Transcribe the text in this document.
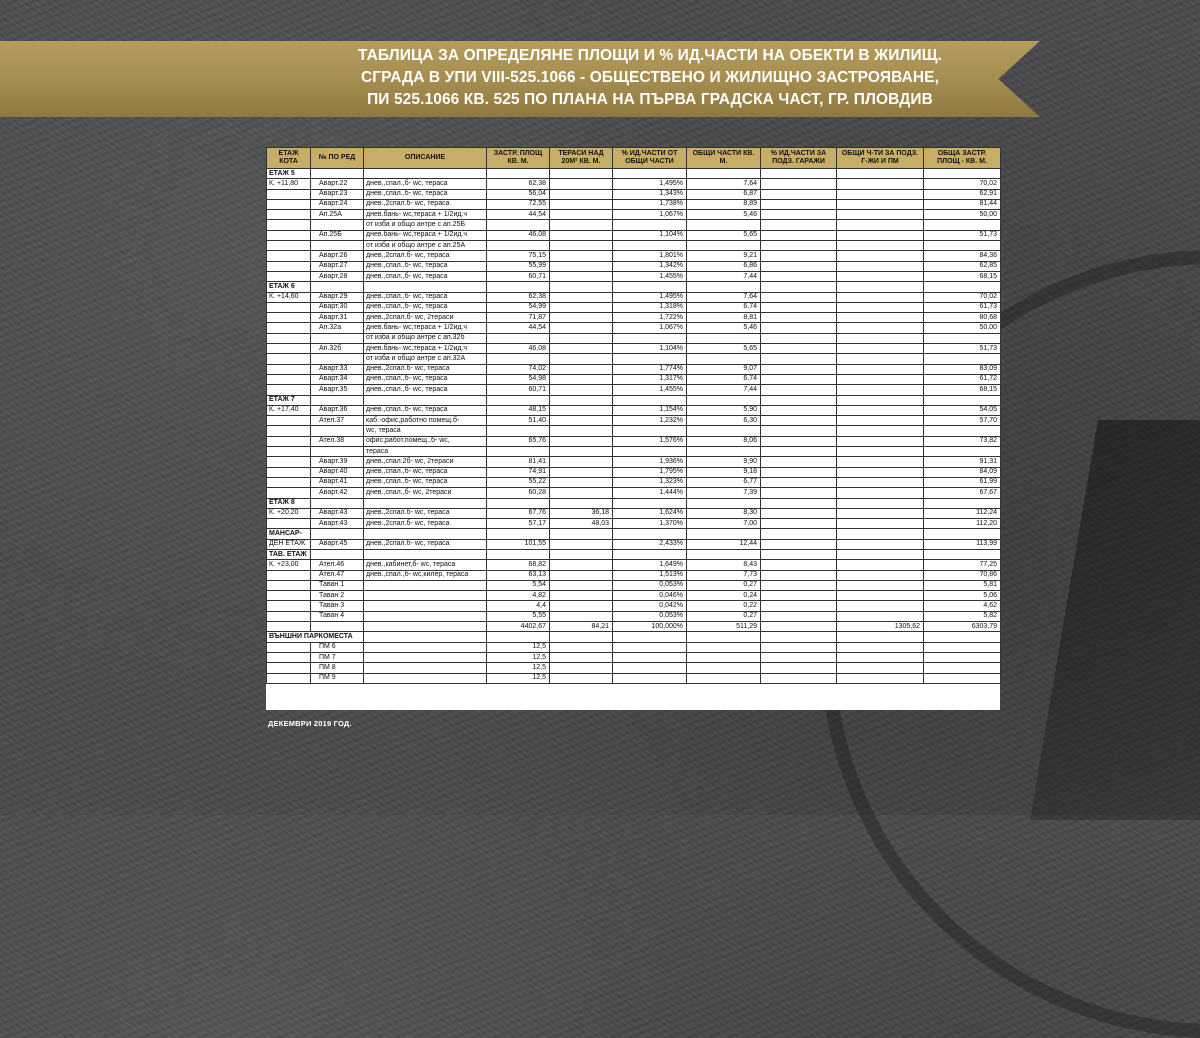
ТАБЛИЦА ЗА ОПРЕДЕЛЯНЕ ПЛОЩИ И % ИД.ЧАСТИ НА ОБЕКТИ В ЖИЛИЩ.
СГРАДА В УПИ VIII-525.1066 - ОБЩЕСТВЕНО И ЖИЛИЩНО ЗАСТРОЯВАНЕ,
ПИ 525.1066 КВ. 525 ПО ПЛАНА НА ПЪРВА ГРАДСКА ЧАСТ, ГР. ПЛОВДИВ
ЕТАЖ КОТА	№ ПО РЕД	ОПИСАНИЕ	ЗАСТР. ПЛОЩ КВ. М.	ТЕРАСИ НАД 20М² КВ. М.	% ИД.ЧАСТИ ОТ ОБЩИ ЧАСТИ	ОБЩИ ЧАСТИ КВ. М.	% ИД.ЧАСТИ ЗА ПОДЗ. ГАРАЖИ	ОБЩИ Ч-ТИ ЗА ПОДЗ. Г-ЖИ И ПМ	ОБЩА ЗАСТР. ПЛОЩ - КВ. М.
ЕТАЖ 5									
К. +11,80	Авapт.22	днев.,спал.,б- wc, тераса	62,38		1,495%	7,64			70,02
	Авapт.23	днев.,спал.,б- wc, тераса	56,04		1,343%	6,87			62,91
	Авapт.24	днев.,2спал.б- wc, тераса	72,55		1,738%	8,89			81,44
	Ап.25А	днев.бань- wc,тераса + 1/2ид.ч	44,54		1,067%	5,46			50,00
		от изба и общо антре с ап.25Б							
	Ап.25Б	днев.бань- wc,тераса + 1/2ид.ч	46,08		1,104%	5,65			51,73
		от изба и общо антре с ап.25А							
	Авapт.26	днев.,2спал.б- wc, тераса	75,15		1,801%	9,21			84,36
	Авapт.27	днев.,спал.,б- wc, тераса	55,99		1,342%	6,86			62,85
	Авapт.28	днев.,спал.,б- wc, тераса	60,71		1,455%	7,44			68,15
ЕТАЖ 6									
К. +14,60	Авapт.29	днев.,спал.,б- wc, тераса	62,38		1,495%	7,64			70,02
	Авapт.30	днев.,спал.,б- wc, тераса	54,99		1,318%	6,74			61,73
	Авapт.31	днев.,2спал.б- wc, 2тераси	71,87		1,722%	8,81			80,68
	Ап.32а	днев.бань- wc,тераса + 1/2ид.ч	44,54		1,067%	5,46			50,00
		от изба и общо антре с ап.32б							
	Ап.32б	днев.бань- wc,тераса + 1/2ид.ч	46,08		1,104%	5,65			51,73
		от изба и общо антре с ап.32А							
	Авapт.33	днев.,2спал.б- wc, тераса	74,02		1,774%	9,07			83,09
	Авapт.34	днев.,спал.,б- wc, тераса	54,98		1,317%	6,74			61,72
	Авapт.35	днев.,спал.,б- wc, тераса	60,71		1,455%	7,44			68,15
ЕТАЖ 7									
К. +17,40	Авapт.36	днев.,спал.,б- wc, тераса	48,15		1,154%	5,90			54,05
	Ател.37	каб.-офис,работно помещ.б-	51,40		1,232%	6,30			57,70
		wc, тераса							
	Ател.38	офис,работ.помещ.,б- wc,	65,76		1,576%	8,06			73,82
		тераса							
	Авapт.39	днев.,спал.2б- wc, 2тераси	81,41		1,936%	9,90			91,31
	Авapт.40	днев.,спал.,б- wc, тераса	74,91		1,795%	9,18			84,09
	Авapт.41	днев.,спал.,б- wc, тераса	55,22		1,323%	6,77			61,99
	Авapт.42	днев.,спал.,б- wc, 2тераси	60,28		1,444%	7,39			67,67
ЕТАЖ 8									
К. +20,20	Авapт.43	днев.,2спал.б- wc, тераса	67,76	36,18	1,624%	8,30			112,24
	Авapт.43	днев.,2спал.б- wc, тераса	57,17	48,03	1,370%	7,00			112,20
МАНСАР-									
ДЕН ЕТАЖ	Авapт.45	днев.,2спал.б- wc, тераса	101,55		2,433%	12,44			113,99
ТАВ. ЕТАЖ									
К. +23,00	Ател.46	днев.,кабинет,б- wc, тераса	68,82		1,649%	8,43			77,25
	Ател.47	днев.,спал.,б- wc,килер, тераса	63,13		1,513%	7,73			70,86
	Таван 1		5,54		0,053%	0,27			5,81
	Таван 2		4,82		0,046%	0,24			5,06
	Таван 3		4,4		0,042%	0,22			4,62
	Таван 4		5,55		0,053%	0,27			5,82
			4402,67	84,21	100,000%	511,29		1305,62	6303,79
ВЪНШНИ ПАРКОМЕСТА									
	ПМ 6		12,5						
	ПМ 7		12,5						
	ПМ 8		12,5						
	ПМ 9		12,5						
ДЕКЕМВРИ 2019 ГОД.
